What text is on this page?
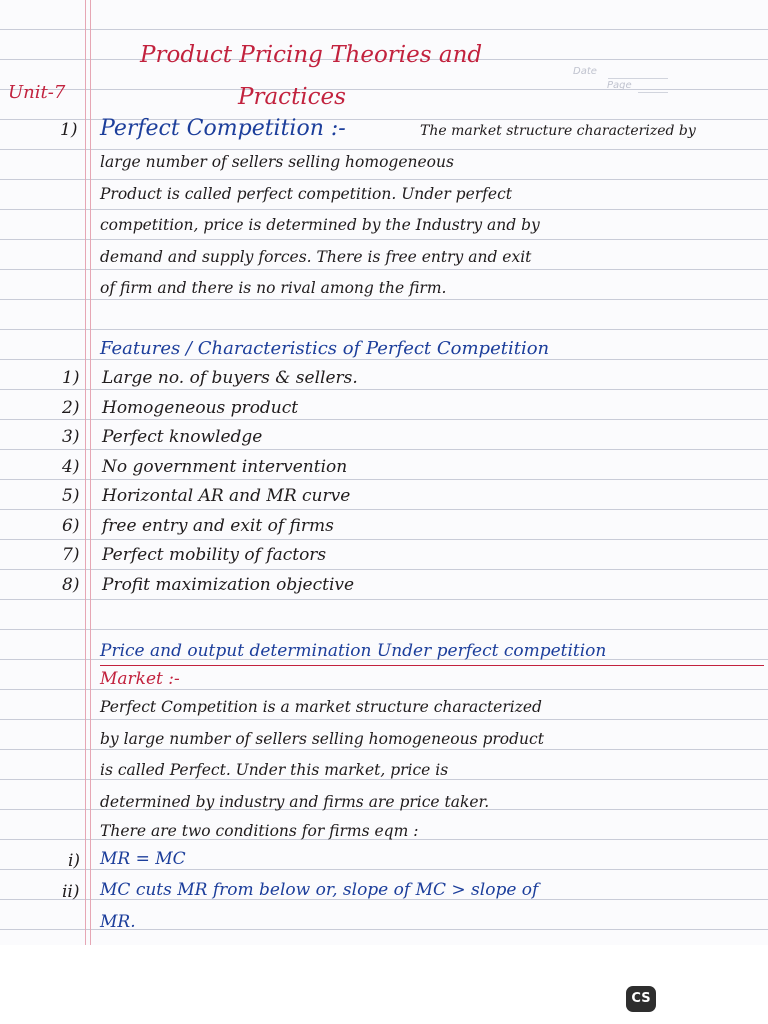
Date
Page

Unit-7

Product Pricing Theories and

Practices

1) Perfect Competition :-	The market structure characterized by

large number of sellers selling homogeneous

Product is called perfect competition. Under perfect

competition, price is determined by the Industry and by

demand and supply forces. There is free entry and exit

of firm and there is no rival among the firm.

Features / Characteristics of Perfect Competition

1) Large no. of buyers & sellers.

2) Homogeneous product

3) Perfect knowledge

4) No government intervention

5) Horizontal AR and MR curve

6) free entry and exit of firms

7) Perfect mobility of factors

8) Profit maximization objective

Price and output determination Under perfect competition

Market :-

Perfect Competition is a market structure characterized

by large number of sellers selling homogeneous product

is called Perfect. Under this market, price is

determined by industry and firms are price taker.

There are two conditions for firms eqm :

i) MR = MC

ii) MC cuts MR from below or, slope of MC > slope of

MR.

CS
